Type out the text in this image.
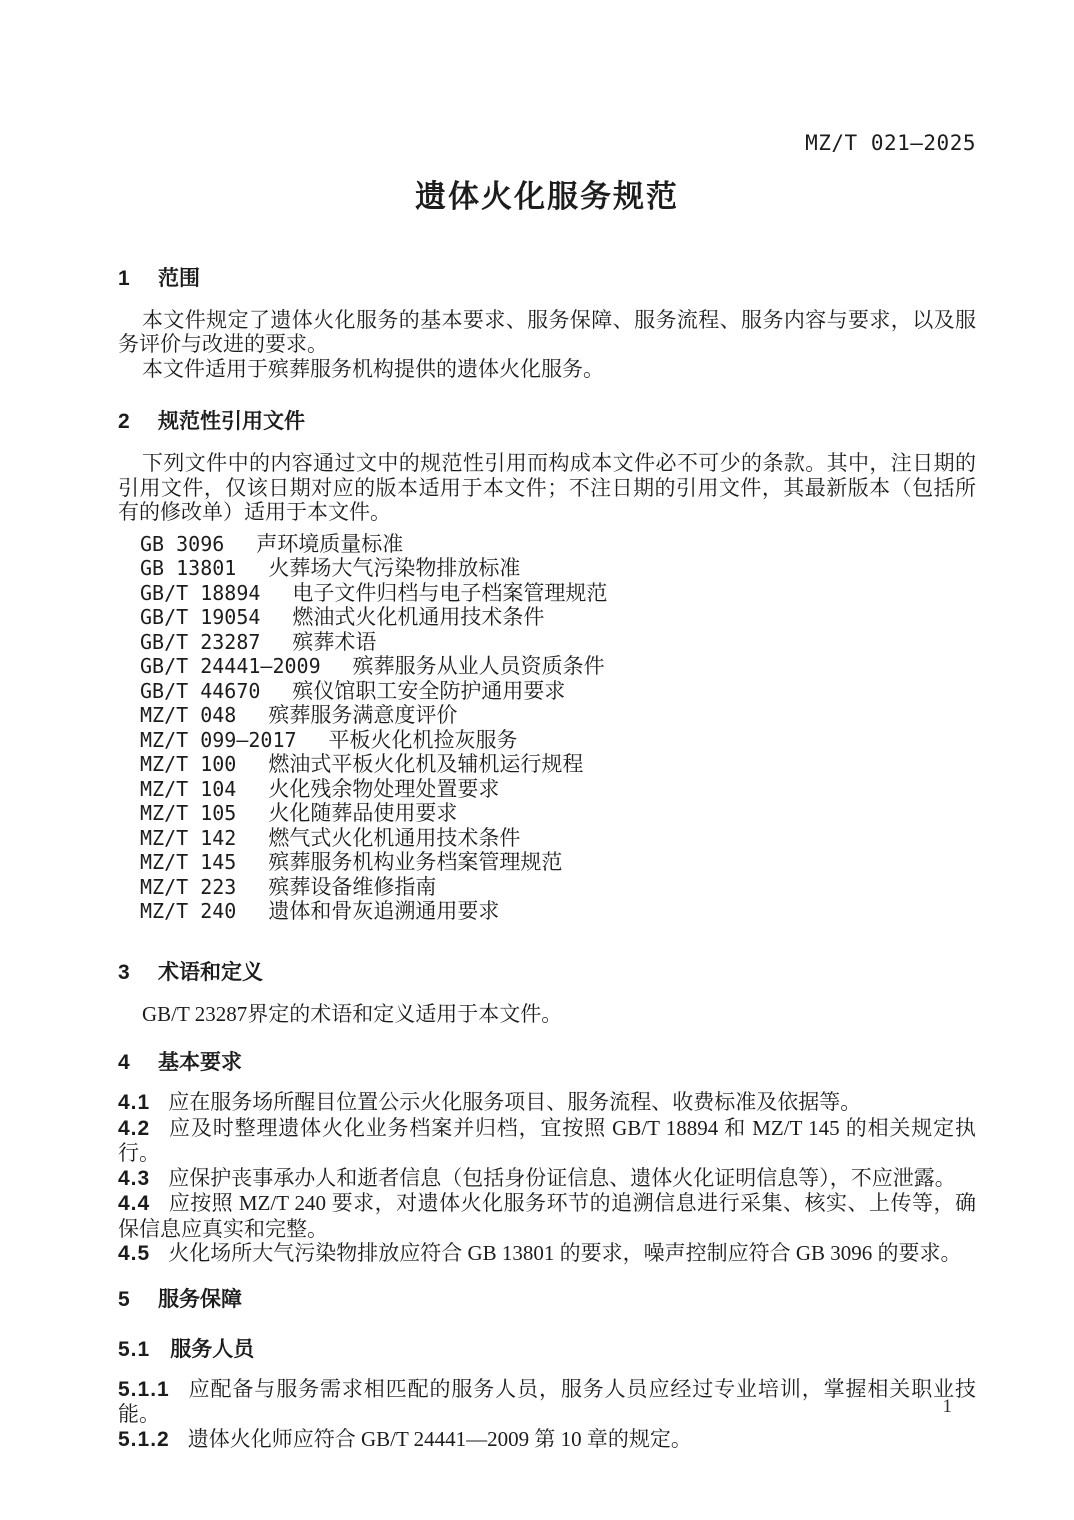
MZ/T 021—2025
遗体火化服务规范
1 范围

本文件规定了遗体火化服务的基本要求、服务保障、服务流程、服务内容与要求，以及服务评价与改进的要求。

本文件适用于殡葬服务机构提供的遗体火化服务。

2 规范性引用文件

下列文件中的内容通过文中的规范性引用而构成本文件必不可少的条款。其中，注日期的引用文件，仅该日期对应的版本适用于本文件；不注日期的引用文件，其最新版本（包括所有的修改单）适用于本文件。

GB 3096 声环境质量标准
GB 13801 火葬场大气污染物排放标准
GB/T 18894 电子文件归档与电子档案管理规范
GB/T 19054 燃油式火化机通用技术条件
GB/T 23287 殡葬术语
GB/T 24441—2009 殡葬服务从业人员资质条件
GB/T 44670 殡仪馆职工安全防护通用要求
MZ/T 048 殡葬服务满意度评价
MZ/T 099—2017 平板火化机捡灰服务
MZ/T 100 燃油式平板火化机及辅机运行规程
MZ/T 104 火化残余物处理处置要求
MZ/T 105 火化随葬品使用要求
MZ/T 142 燃气式火化机通用技术条件
MZ/T 145 殡葬服务机构业务档案管理规范
MZ/T 223 殡葬设备维修指南
MZ/T 240 遗体和骨灰追溯通用要求
3 术语和定义

GB/T 23287界定的术语和定义适用于本文件。

4 基本要求

4.1 应在服务场所醒目位置公示火化服务项目、服务流程、收费标准及依据等。

4.2 应及时整理遗体火化业务档案并归档，宜按照 GB/T 18894 和 MZ/T 145 的相关规定执行。

4.3 应保护丧事承办人和逝者信息（包括身份证信息、遗体火化证明信息等），不应泄露。

4.4 应按照 MZ/T 240 要求，对遗体火化服务环节的追溯信息进行采集、核实、上传等，确保信息应真实和完整。

4.5 火化场所大气污染物排放应符合 GB 13801 的要求，噪声控制应符合 GB 3096 的要求。

5 服务保障
5.1 服务人员

5.1.1 应配备与服务需求相匹配的服务人员，服务人员应经过专业培训，掌握相关职业技能。

5.1.2 遗体火化师应符合 GB/T 24441—2009 第 10 章的规定。

1
